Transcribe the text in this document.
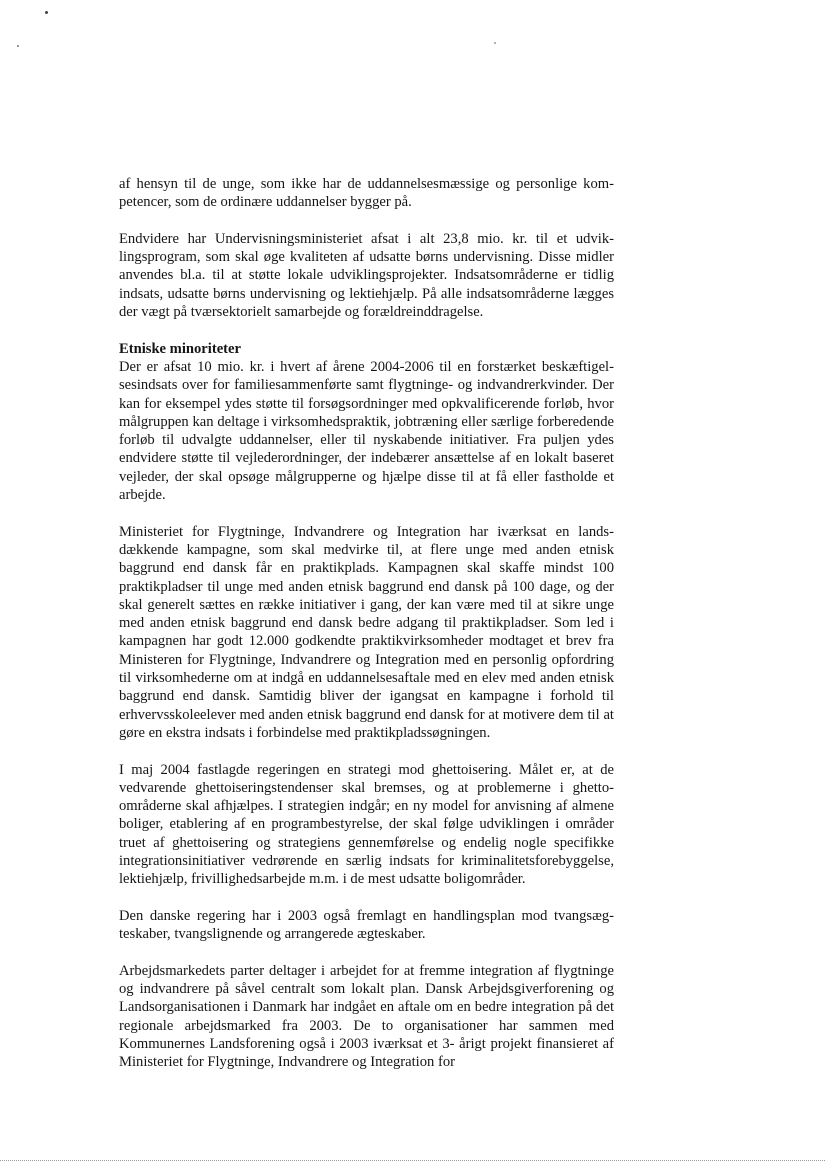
af hensyn til de unge, som ikke har de uddannelsesmæssige og personlige kompetencer, som de ordinære uddannelser bygger på.

Endvidere har Undervisningsministeriet afsat i alt 23,8 mio. kr. til et udviklingsprogram, som skal øge kvaliteten af udsatte børns undervisning. Disse midler anvendes bl.a. til at støtte lokale udviklingsprojekter. Indsatsområderne er tidlig indsats, udsatte børns undervisning og lektiehjælp. På alle indsatsområderne lægges der vægt på tværsektorielt samarbejde og forældreinddragelse.

Etniske minoriteter

Der er afsat 10 mio. kr. i hvert af årene 2004-2006 til en forstærket beskæftigelsesindsats over for familiesammenførte samt flygtninge- og indvandrerkvinder. Der kan for eksempel ydes støtte til forsøgsordninger med opkvalificerende forløb, hvor målgruppen kan deltage i virksomhedspraktik, jobtræning eller særlige forberedende forløb til udvalgte uddannelser, eller til nyskabende initiativer. Fra puljen ydes endvidere støtte til vejlederordninger, der indebærer ansættelse af en lokalt baseret vejleder, der skal opsøge målgrupperne og hjælpe disse til at få eller fastholde et arbejde.

Ministeriet for Flygtninge, Indvandrere og Integration har iværksat en landsdækkende kampagne, som skal medvirke til, at flere unge med anden etnisk baggrund end dansk får en praktikplads. Kampagnen skal skaffe mindst 100 praktikpladser til unge med anden etnisk baggrund end dansk på 100 dage, og der skal generelt sættes en række initiativer i gang, der kan være med til at sikre unge med anden etnisk baggrund end dansk bedre adgang til praktikpladser. Som led i kampagnen har godt 12.000 godkendte praktikvirksomheder modtaget et brev fra Ministeren for Flygtninge, Indvandrere og Integration med en personlig opfordring til virksomhederne om at indgå en uddannelsesaftale med en elev med anden etnisk baggrund end dansk. Samtidig bliver der igangsat en kampagne i forhold til erhvervsskoleelever med anden etnisk baggrund end dansk for at motivere dem til at gøre en ekstra indsats i forbindelse med praktikpladssøgningen.

I maj 2004 fastlagde regeringen en strategi mod ghettoisering. Målet er, at de vedvarende ghettoiseringstendenser skal bremses, og at problemerne i ghettoområderne skal afhjælpes. I strategien indgår; en ny model for anvisning af almene boliger, etablering af en programbestyrelse, der skal følge udviklingen i områder truet af ghettoisering og strategiens gennemførelse og endelig nogle specifikke integrationsinitiativer vedrørende en særlig indsats for kriminalitetsforebyggelse, lektiehjælp, frivillighedsarbejde m.m. i de mest udsatte boligområder.

Den danske regering har i 2003 også fremlagt en handlingsplan mod tvangsægteskaber, tvangslignende og arrangerede ægteskaber.

Arbejdsmarkedets parter deltager i arbejdet for at fremme integration af flygtninge og indvandrere på såvel centralt som lokalt plan. Dansk Arbejdsgiverforening og Landsorganisationen i Danmark har indgået en aftale om en bedre integration på det regionale arbejdsmarked fra 2003. De to organisationer har sammen med Kommunernes Landsforening også i 2003 iværksat et 3- årigt projekt finansieret af Ministeriet for Flygtninge, Indvandrere og Integration for
